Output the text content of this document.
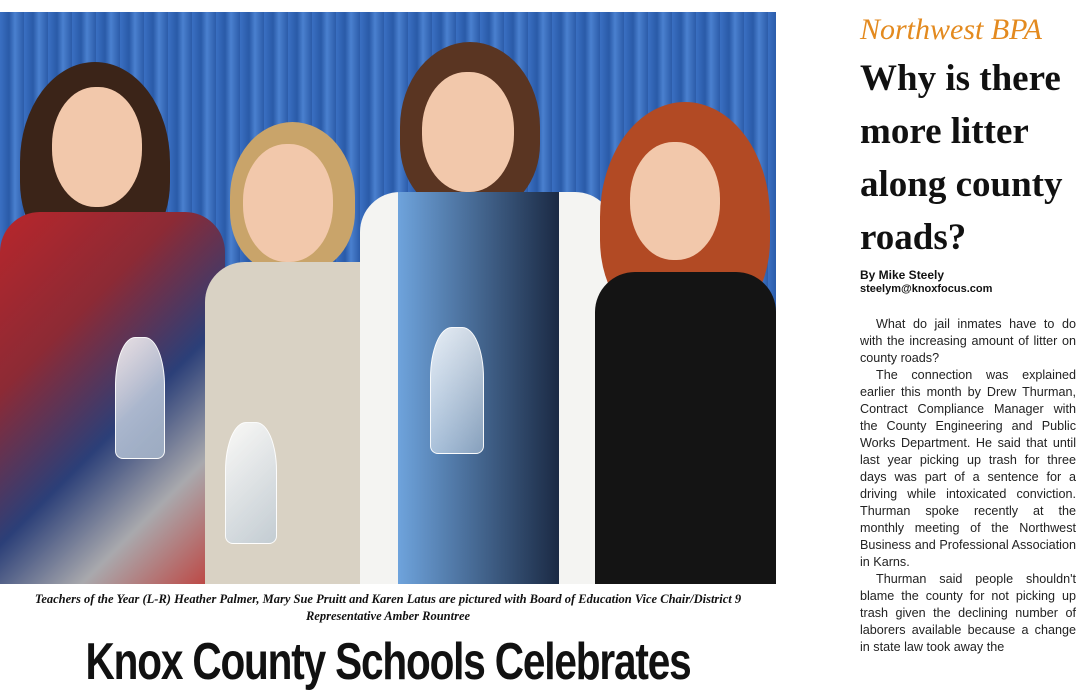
Teachers of the Year (L-R) Heather Palmer, Mary Sue Pruitt and Karen Latus are pictured with Board of Education Vice Chair/District 9 Representative Amber Rountree
Knox County Schools Celebrates
Northwest BPA
Why is there more litter along county roads?
By Mike Steely
steelym@knoxfocus.com

What do jail inmates have to do with the increasing amount of litter on county roads?

The connection was explained earlier this month by Drew Thurman, Contract Compliance Manager with the County Engineering and Public Works Department. He said that until last year picking up trash for three days was part of a sentence for a driving while intoxicated conviction. Thurman spoke recently at the monthly meeting of the Northwest Business and Professional Association in Karns.

Thurman said people shouldn't blame the county for not picking up trash given the declining number of laborers available because a change in state law took away the
